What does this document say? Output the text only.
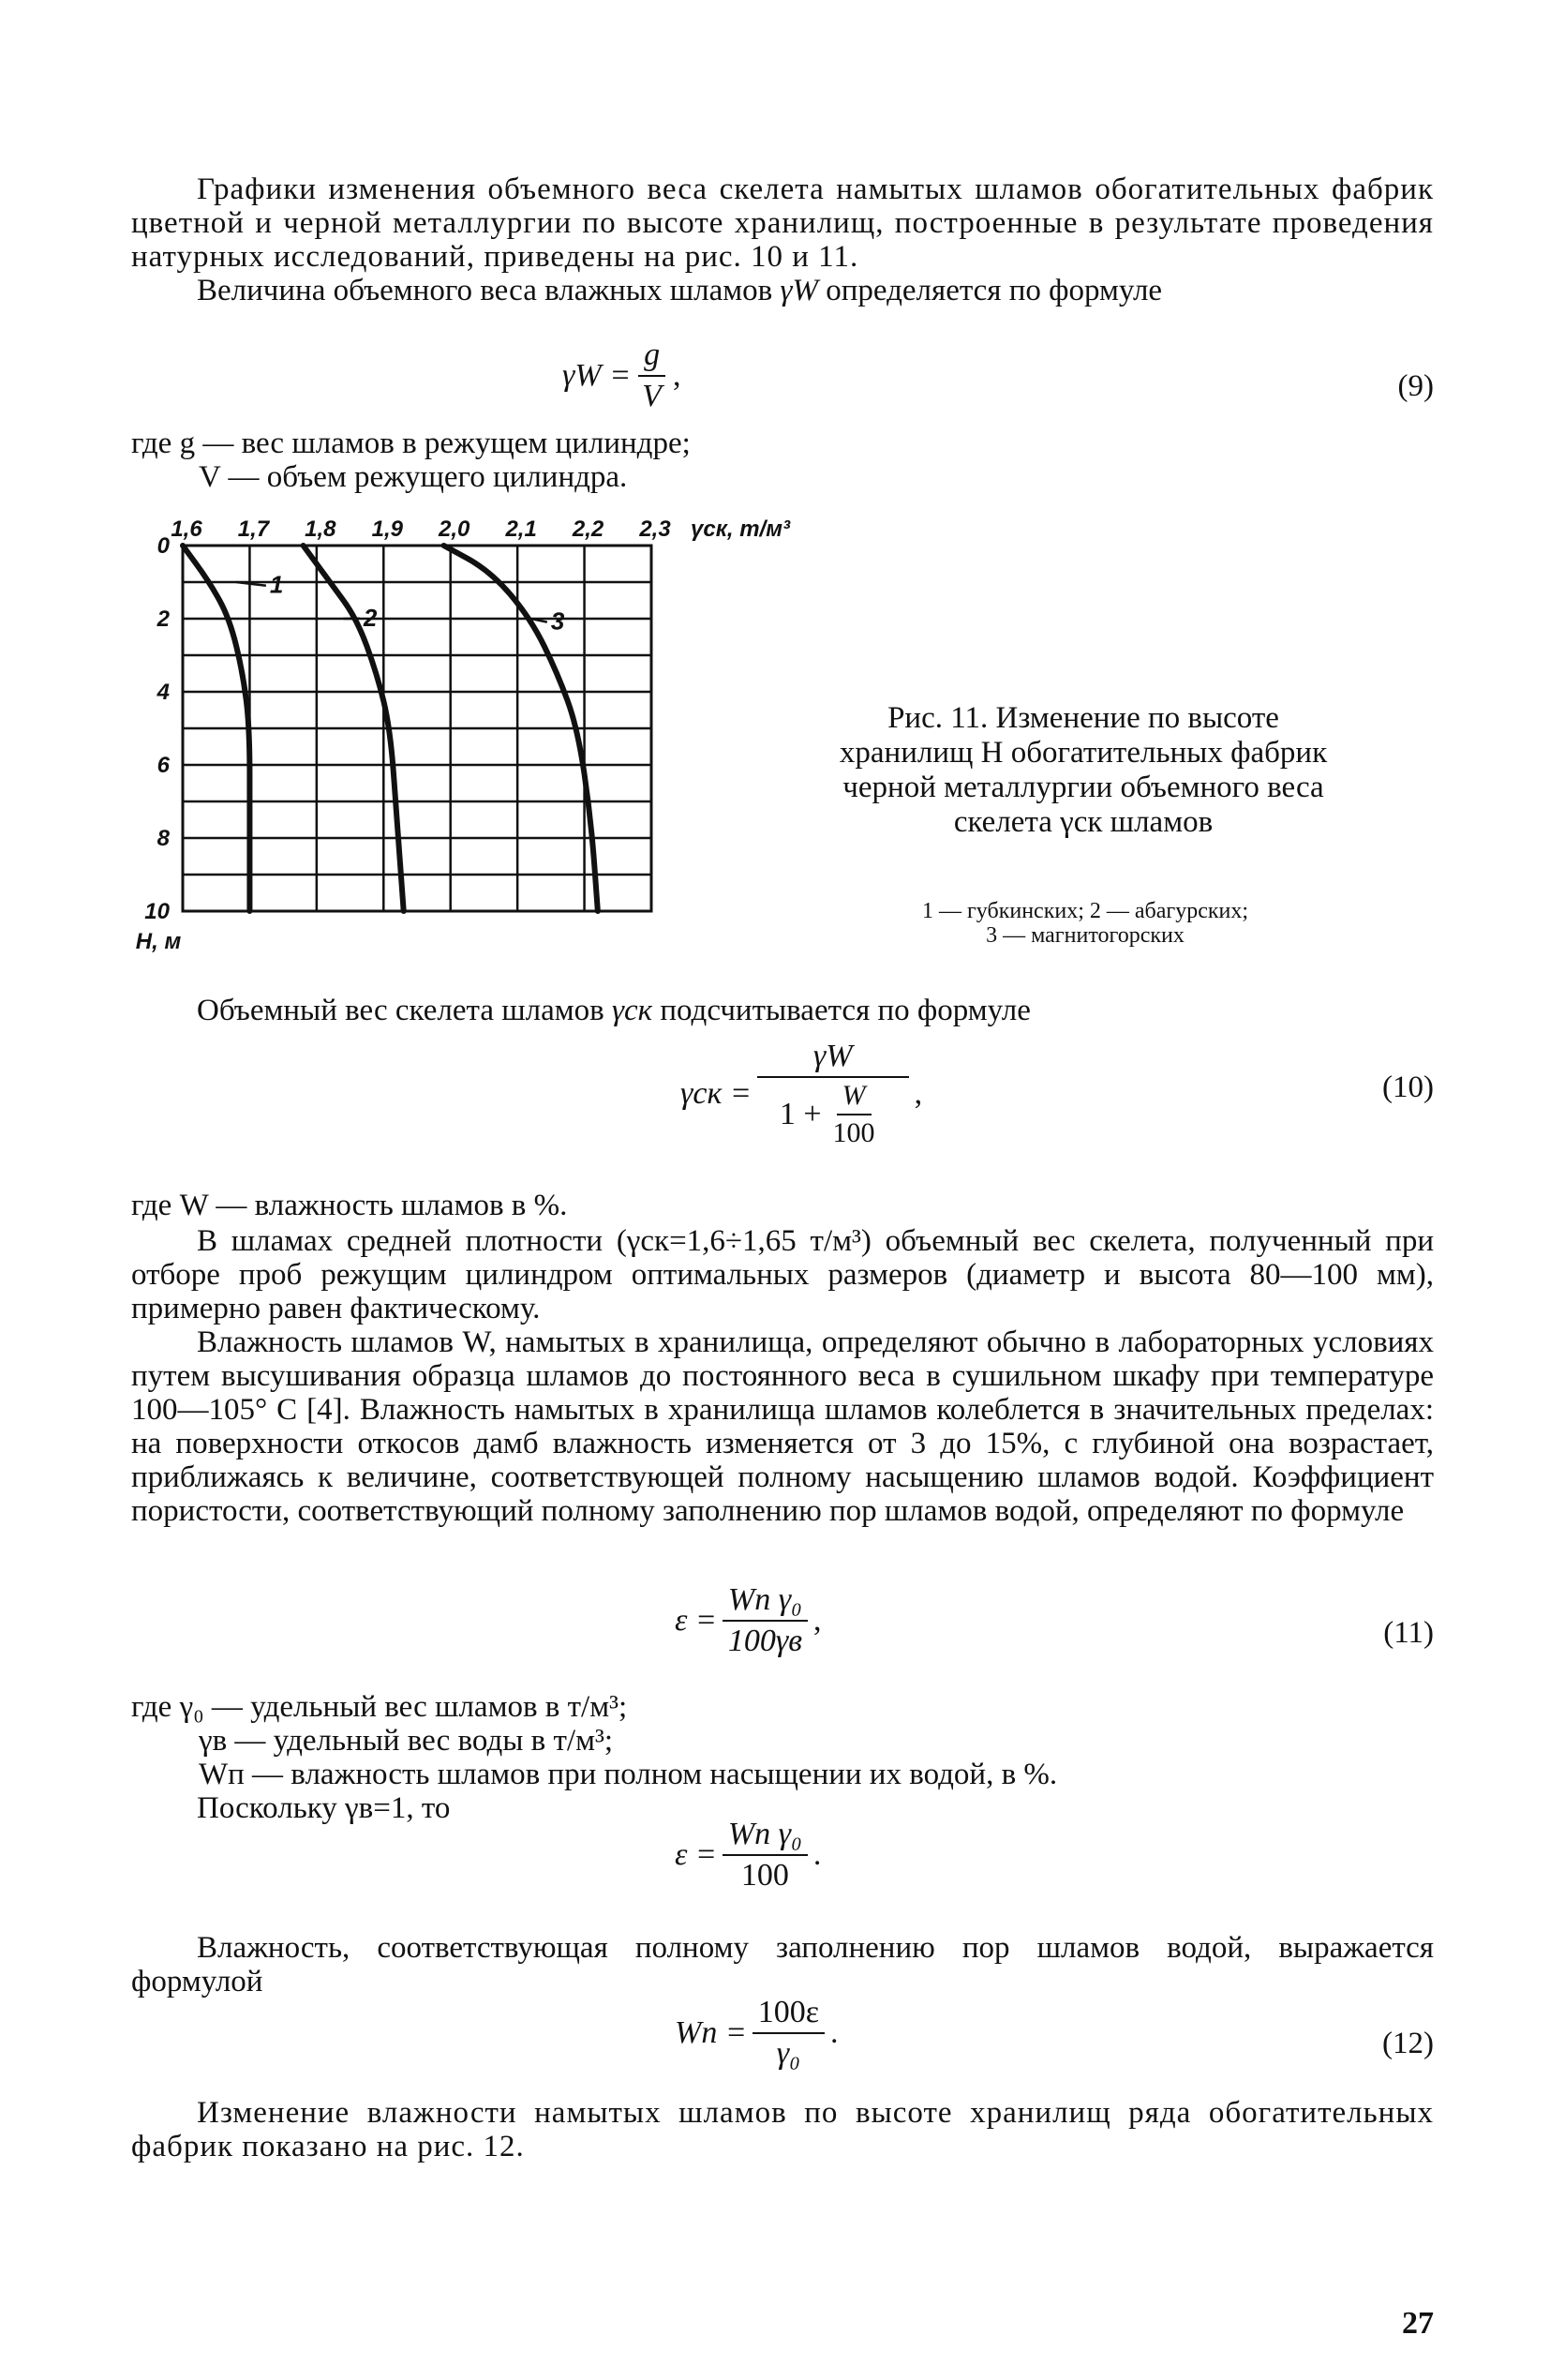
Графики изменения объемного веса скелета намытых шламов обогатительных фабрик цветной и черной металлургии по высоте хранилищ, построенные в результате проведения натурных исследований, приведены на рис. 10 и 11.

Величина объемного веса влажных шламов γW определяется по формуле

$\gamma W = \frac{g}{V}$ ,	(9)

где g — вес шламов в режущем цилиндре;

V — объем режущего цилиндра.

1,6 1,7 1,8 1,9 2,0 2,1 2,2 2,3 γск, т/м³
0
2
4
6
8
10
Н, м
1
2	3
Рис. 11. Изменение по высоте хранилищ H обогатительных фабрик черной металлургии объемного веса скелета γск шламов
1 — губкинских; 2 — абагурских;
3 — магнитогорских

Объемный вес скелета шламов γск подсчитывается по формуле

$\gamma ск = \frac{\gamma W}{1 + \frac{W}{100}}$ ,	(10)

где W — влажность шламов в %.

В шламах средней плотности (γск=1,6÷1,65 т/м³) объемный вес скелета, полученный при отборе проб режущим цилиндром оптимальных размеров (диаметр и высота 80—100 мм), примерно равен фактическому.

Влажность шламов W, намытых в хранилища, определяют обычно в лабораторных условиях путем высушивания образца шламов до постоянного веса в сушильном шкафу при температуре 100—105° С [4]. Влажность намытых в хранилища шламов колеблется в значительных пределах: на поверхности откосов дамб влажность изменяется от 3 до 15%, с глубиной она возрастает, приближаясь к величине, соответствующей полному насыщению шламов водой. Коэффициент пористости, соответствующий полному заполнению пор шламов водой, определяют по формуле

$\varepsilon = \frac{\text{Wп γ₀}}{100\gamma в}$ ,	(11)

где γ₀ — удельный вес шламов в т/м³;

γв — удельный вес воды в т/м³;

Wп — влажность шламов при полном насыщении их водой, в %.

Поскольку γв=1, то

$\varepsilon = \frac{\text{Wп γ₀}}{100}$ .

Влажность, соответствующая полному заполнению пор шламов водой, выражается формулой

Wп = $\frac{100\varepsilon}{\text{γ₀}}$ .	(12)

Изменение влажности намытых шламов по высоте хранилищ ряда обогатительных фабрик показано на рис. 12.

27
